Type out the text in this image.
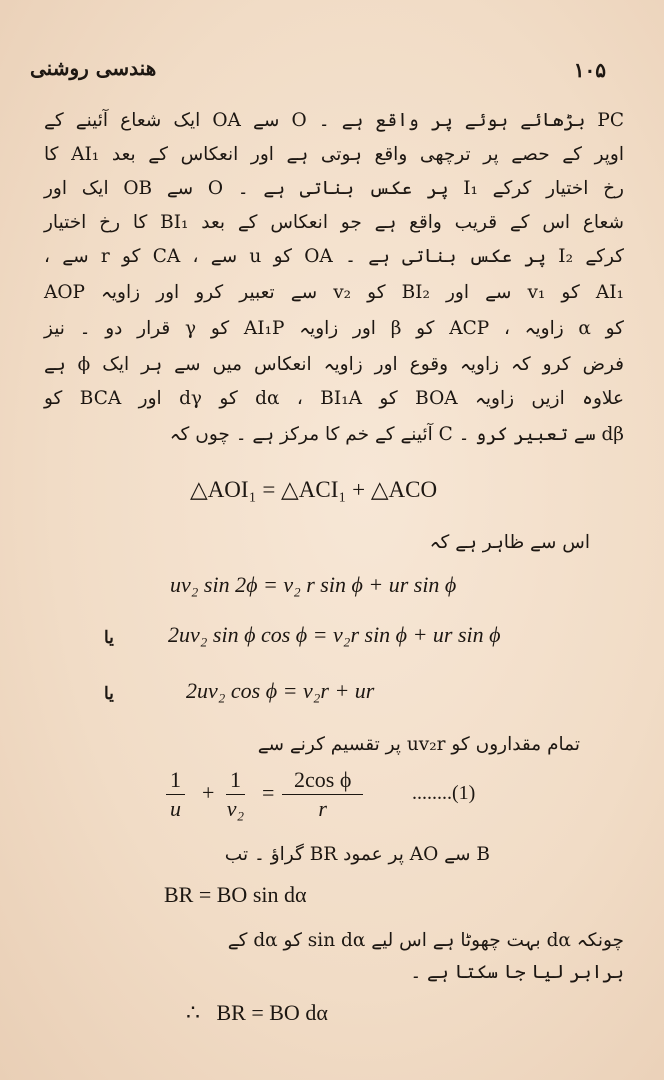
هندسی روشنی	۱۰۵
PC بڑھائے ہوئے پر واقع ہے ۔ O سے OA ایک شعاع آئینے کے
اوپر کے حصے پر ترچھی واقع ہوتی ہے اور انعکاس کے بعد AI₁ کا
رخ اختیار کرکے I₁ پر عکس بناتی ہے ۔ O سے OB ایک اور
شعاع اس کے قریب واقع ہے جو انعکاس کے بعد BI₁ کا رخ اختیار
کرکے I₂ پر عکس بناتی ہے ۔ OA کو u سے ، CA کو r سے ،
AI₁ کو v₁ سے اور BI₂ کو v₂ سے تعبیر کرو اور زاویہ AOP
کو α زاویہ ، ACP کو β اور زاویہ AI₁P کو γ قرار دو ۔ نیز
فرض کرو کہ زاویہ وقوع اور زاویہ انعکاس میں سے ہر ایک ϕ ہے
علاوہ ازیں زاویہ BOA کو dα ، BI₁A کو dγ اور BCA کو
dβ سے تعبیر کرو ۔ C آئینے کے خم کا مرکز ہے ۔ چوں کہ
△AOI₁ = △ACI₁ + △ACO
اس سے ظاہر ہے کہ
uv₂ sin 2ϕ = v₂ r sin ϕ + ur sin ϕ
یا 2uv₂ sin ϕ cos ϕ = v₂r sin ϕ + ur sin ϕ
یا	2uv₂ cos ϕ = v₂r + ur
تمام مقداروں کو uv₂r پر تقسیم کرنے سے
$\frac{1}{u} + \frac{1}{\text{v₂}} = \frac{\text{2cos ϕ}}{r} ........(1)$
B سے AO پر عمود BR گراؤ ۔ تب
BR = BO sin dα
چونکہ dα بہت چھوٹا ہے اس لیے sin dα کو dα کے
برابر لیا جا سکتا ہے ۔
∴   BR = BO dα
